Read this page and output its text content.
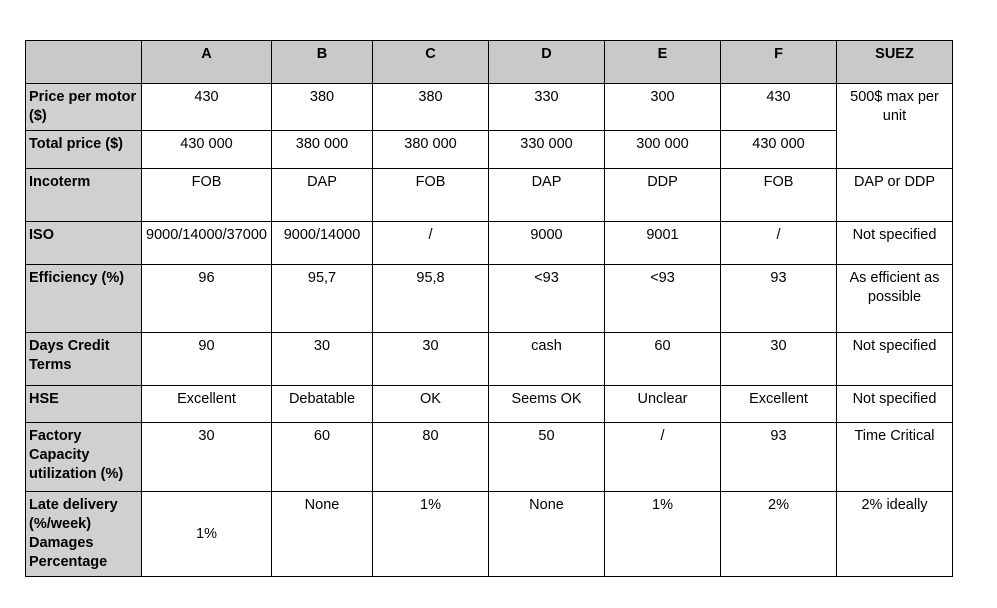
	A	B	C	D	E	F	SUEZ
Price per motor ($)	430	380	380	330	300	430	500$ max per unit
Total price ($)	430 000	380 000	380 000	330 000	300 000	430 000	
Incoterm	FOB	DAP	FOB	DAP	DDP	FOB	DAP or DDP
ISO	9000/14000/37000	9000/14000	/	9000	9001	/	Not specified
Efficiency (%)	96	95,7	95,8	<93	<93	93	As efficient as possible
Days Credit Terms	90	30	30	cash	60	30	Not specified
HSE	Excellent	Debatable	OK	Seems OK	Unclear	Excellent	Not specified
Factory Capacity utilization (%)	30	60	80	50	/	93	Time Critical
Late delivery (%/week) Damages Percentage	1%	None	1%	None	1%	2%	2% ideally
